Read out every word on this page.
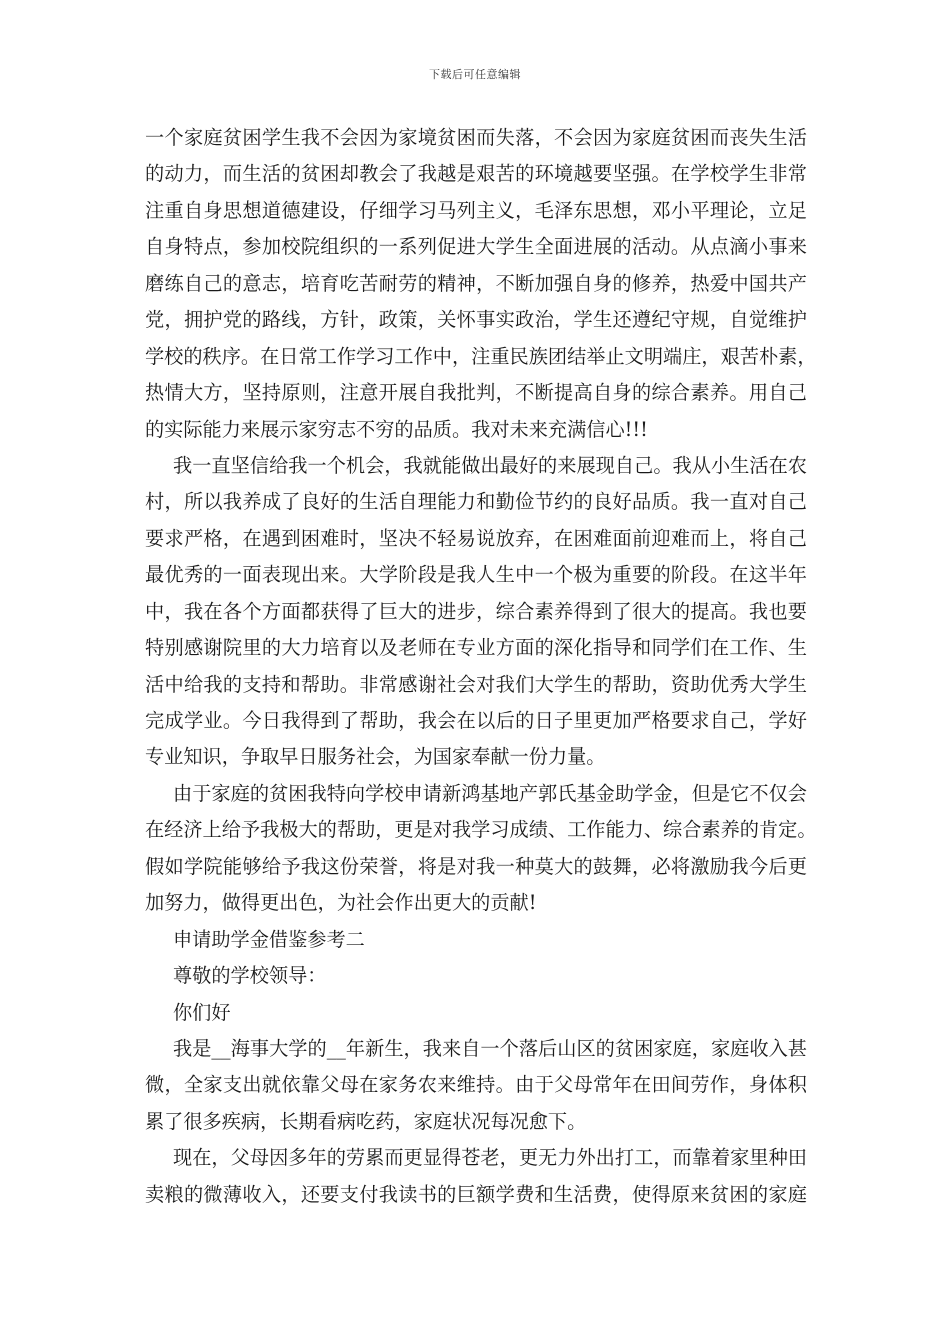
下载后可任意编辑
一个家庭贫困学生我不会因为家境贫困而失落，不会因为家庭贫困而丧失生活
的动力，而生活的贫困却教会了我越是艰苦的环境越要坚强。在学校学生非常
注重自身思想道德建设，仔细学习马列主义，毛泽东思想，邓小平理论，立足
自身特点，参加校院组织的一系列促进大学生全面进展的活动。从点滴小事来
磨练自己的意志，培育吃苦耐劳的精神，不断加强自身的修养，热爱中国共产
党，拥护党的路线，方针，政策，关怀事实政治，学生还遵纪守规，自觉维护
学校的秩序。在日常工作学习工作中，注重民族团结举止文明端庄，艰苦朴素，
热情大方，坚持原则，注意开展自我批判，不断提高自身的综合素养。用自己
的实际能力来展示家穷志不穷的品质。我对未来充满信心!!!
我一直坚信给我一个机会，我就能做出最好的来展现自己。我从小生活在农
村，所以我养成了良好的生活自理能力和勤俭节约的良好品质。我一直对自己
要求严格，在遇到困难时，坚决不轻易说放弃，在困难面前迎难而上，将自己
最优秀的一面表现出来。大学阶段是我人生中一个极为重要的阶段。在这半年
中，我在各个方面都获得了巨大的进步，综合素养得到了很大的提高。我也要
特别感谢院里的大力培育以及老师在专业方面的深化指导和同学们在工作、生
活中给我的支持和帮助。非常感谢社会对我们大学生的帮助，资助优秀大学生
完成学业。今日我得到了帮助，我会在以后的日子里更加严格要求自己，学好
专业知识，争取早日服务社会，为国家奉献一份力量。
由于家庭的贫困我特向学校申请新鸿基地产郭氏基金助学金，但是它不仅会
在经济上给予我极大的帮助，更是对我学习成绩、工作能力、综合素养的肯定。
假如学院能够给予我这份荣誉，将是对我一种莫大的鼓舞，必将激励我今后更
加努力，做得更出色，为社会作出更大的贡献!
申请助学金借鉴参考二
尊敬的学校领导：
你们好
我是__海事大学的__年新生，我来自一个落后山区的贫困家庭，家庭收入甚
微，全家支出就依靠父母在家务农来维持。由于父母常年在田间劳作，身体积
累了很多疾病，长期看病吃药，家庭状况每况愈下。
现在，父母因多年的劳累而更显得苍老，更无力外出打工，而靠着家里种田
卖粮的微薄收入，还要支付我读书的巨额学费和生活费，使得原来贫困的家庭
